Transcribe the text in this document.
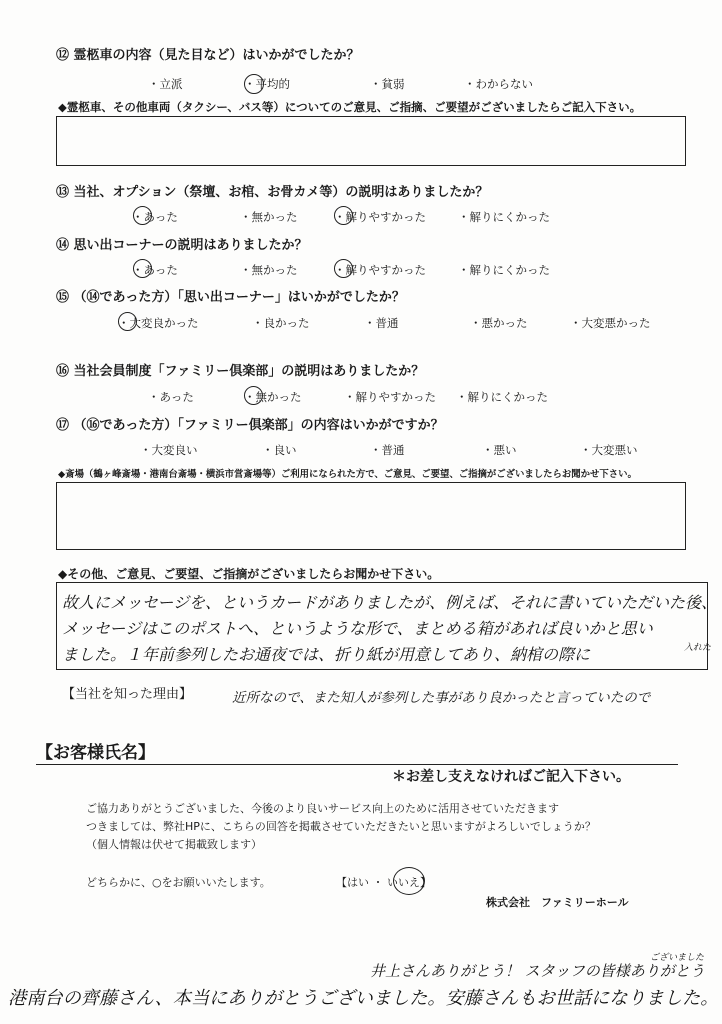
⑫ 霊柩車の内容（見た目など）はいかがでしたか？
・立派	・平均的	・貧弱	・わからない
◆霊柩車、その他車両（タクシー、バス等）についてのご意見、ご指摘、ご要望がございましたらご記入下さい。
⑬ 当社、オプション（祭壇、お棺、お骨カメ等）の説明はありましたか？
・あった	・無かった	・解りやすかった	・解りにくかった
⑭ 思い出コーナーの説明はありましたか？
・あった	・無かった	・解りやすかった	・解りにくかった
⑮ （⑭であった方）「思い出コーナー」はいかがでしたか？
・大変良かった	・良かった	・普通	・悪かった	・大変悪かった
⑯ 当社会員制度「ファミリー倶楽部」の説明はありましたか？
・あった	・無かった	・解りやすかった ・解りにくかった
⑰ （⑯であった方）「ファミリー倶楽部」の内容はいかがですか？
・大変良い	・良い	・普通	・悪い	・大変悪い
◆斎場（鶴ヶ峰斎場・港南台斎場・横浜市営斎場等）ご利用になられた方で、ご意見、ご要望、ご指摘がございましたらお聞かせ下さい。
◆その他、ご意見、ご要望、ご指摘がございましたらお聞かせ下さい。
故人にメッセージを、というカードがありましたが、例えば、それに書いていただいた後、
メッセージはこのポストへ、というような形で、まとめる箱があれば良いかと思い
ました。１年前参列したお通夜では、折り紙が用意してあり、納棺の際に	入れた
【当社を知った理由】	近所なので、また知人が参列した事があり良かったと言っていたので
【お客様氏名】
＊お差し支えなければご記入下さい。
ご協力ありがとうございました、今後のより良いサービス向上のために活用させていただきます
つきましては、弊社HPに、こちらの回答を掲載させていただきたいと思いますがよろしいでしょうか？
（個人情報は伏せて掲載致します）
どちらかに、○をお願いいたします。	【はい ・ いいえ】
株式会社　ファミリーホール
井上さんありがとう！ スタッフの皆様ありがとう
ございました
港南台の齊藤さん、本当にありがとうございました。安藤さんもお世話になりました。
